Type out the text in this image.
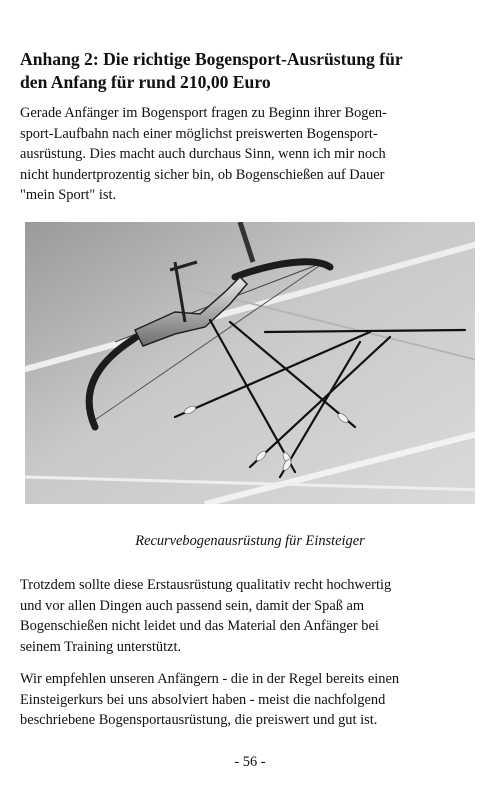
Anhang 2: Die richtige Bogensport-Ausrüstung für
den Anfang für rund 210,00 Euro

Gerade Anfänger im Bogensport fragen zu Beginn ihrer Bogen-
sport-Laufbahn nach einer möglichst preiswerten Bogensport-
ausrüstung. Dies macht auch durchaus Sinn, wenn ich mir noch
nicht hundertprozentig sicher bin, ob Bogenschießen auf Dauer
"mein Sport" ist.

Recurvebogenausrüstung für Einsteiger

Trotzdem sollte diese Erstausrüstung qualitativ recht hochwertig
und vor allen Dingen auch passend sein, damit der Spaß am
Bogenschießen nicht leidet und das Material den Anfänger bei
seinem Training unterstützt.

Wir empfehlen unseren Anfängern - die in der Regel bereits einen
Einsteigerkurs bei uns absolviert haben - meist die nachfolgend
beschriebene Bogensportausrüstung, die preiswert und gut ist.

- 56 -
